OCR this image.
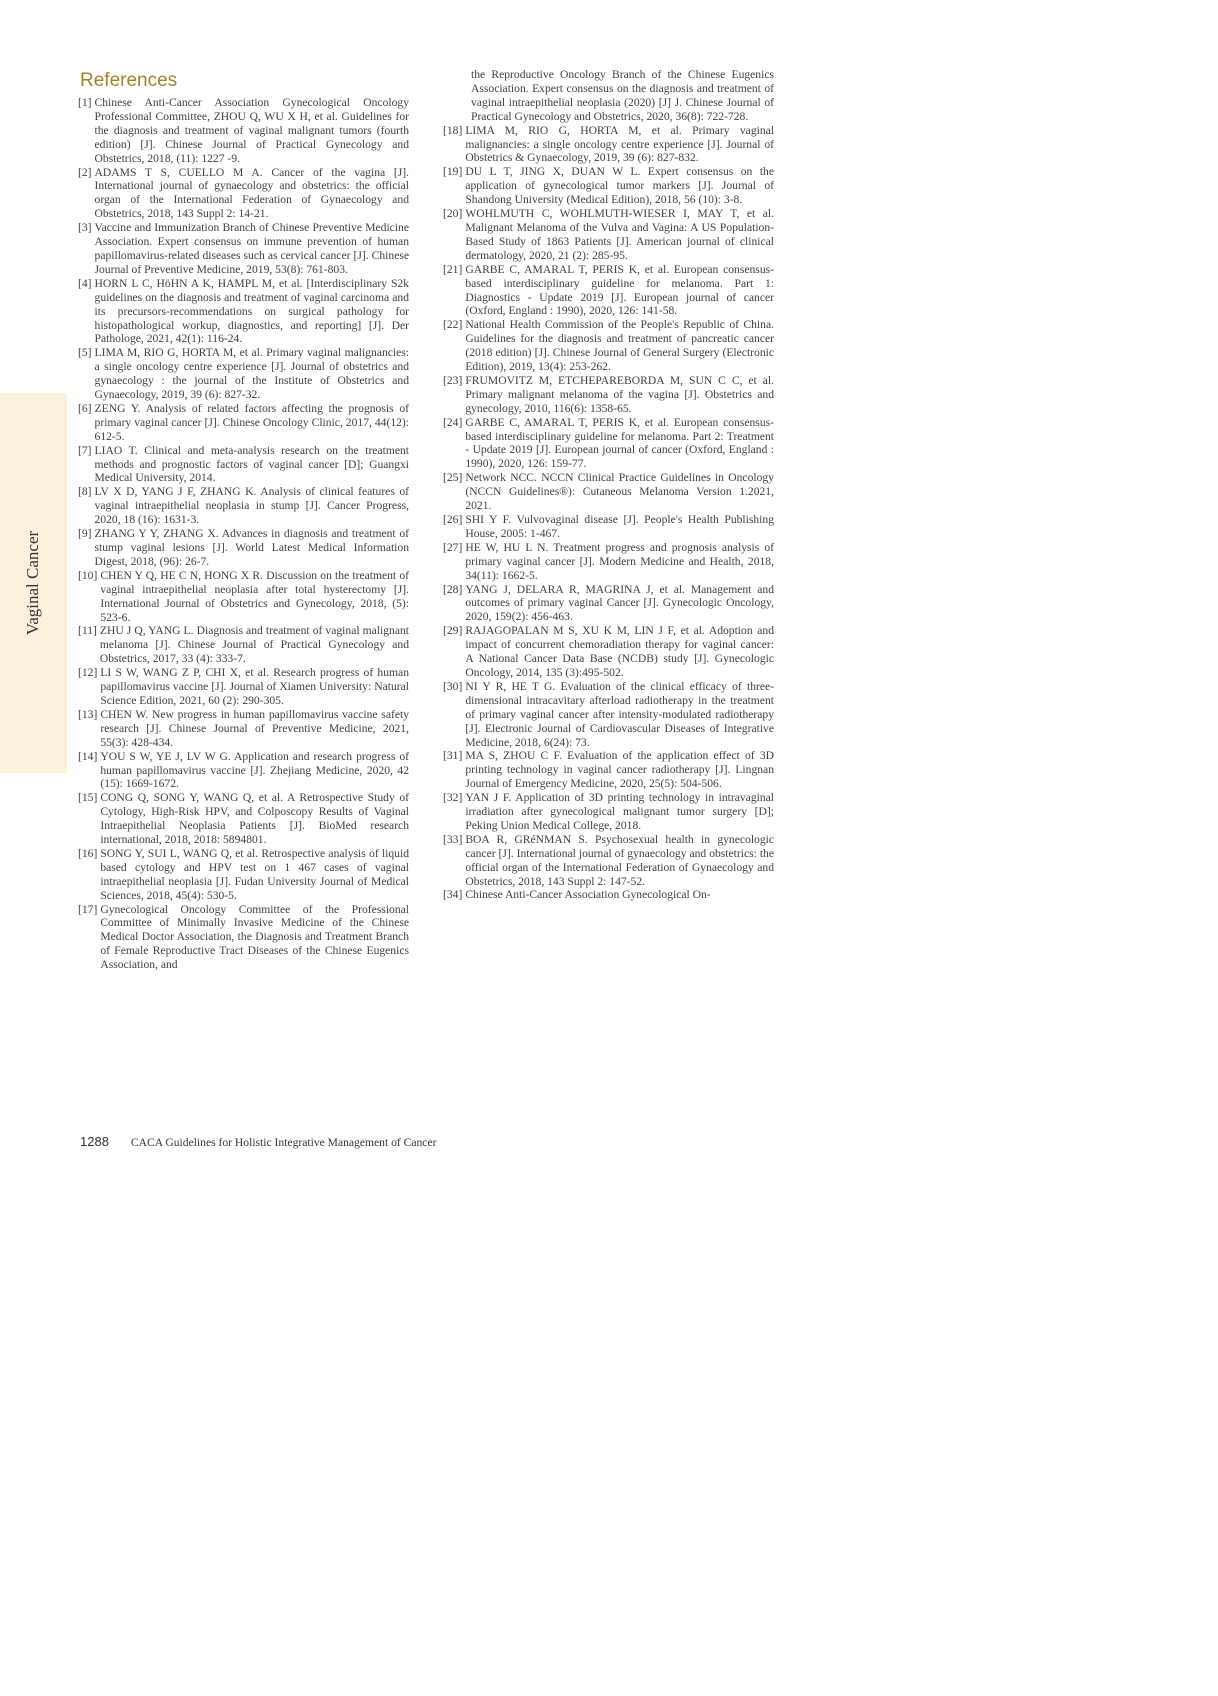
Vaginal Cancer
References
[1] Chinese Anti-Cancer Association Gynecological Oncology Professional Committee, ZHOU Q, WU X H, et al. Guidelines for the diagnosis and treatment of vaginal malignant tumors (fourth edition) [J]. Chinese Journal of Practical Gynecology and Obstetrics, 2018, (11): 1227 -9.
[2] ADAMS T S, CUELLO M A. Cancer of the vagina [J]. International journal of gynaecology and obstetrics: the official organ of the International Federation of Gynaecology and Obstetrics, 2018, 143 Suppl 2: 14-21.
[3] Vaccine and Immunization Branch of Chinese Preventive Medicine Association. Expert consensus on immune prevention of human papillomavirus-related diseases such as cervical cancer [J]. Chinese Journal of Preventive Medicine, 2019, 53(8): 761-803.
[4] HORN L C, HöHN A K, HAMPL M, et al. [Interdisciplinary S2k guidelines on the diagnosis and treatment of vaginal carcinoma and its precursors-recommendations on surgical pathology for histopathological workup, diagnostics, and reporting] [J]. Der Pathologe, 2021, 42(1): 116-24.
[5] LIMA M, RIO G, HORTA M, et al. Primary vaginal malignancies: a single oncology centre experience [J]. Journal of obstetrics and gynaecology : the journal of the Institute of Obstetrics and Gynaecology, 2019, 39 (6): 827-32.
[6] ZENG Y. Analysis of related factors affecting the prognosis of primary vaginal cancer [J]. Chinese Oncology Clinic, 2017, 44(12): 612-5.
[7] LIAO T. Clinical and meta-analysis research on the treatment methods and prognostic factors of vaginal cancer [D]; Guangxi Medical University, 2014.
[8] LV X D, YANG J F, ZHANG K. Analysis of clinical features of vaginal intraepithelial neoplasia in stump [J]. Cancer Progress, 2020, 18 (16): 1631-3.
[9] ZHANG Y Y, ZHANG X. Advances in diagnosis and treatment of stump vaginal lesions [J]. World Latest Medical Information Digest, 2018, (96): 26-7.
[10] CHEN Y Q, HE C N, HONG X R. Discussion on the treatment of vaginal intraepithelial neoplasia after total hysterectomy [J]. International Journal of Obstetrics and Gynecology, 2018, (5): 523-6.
[11] ZHU J Q, YANG L. Diagnosis and treatment of vaginal malignant melanoma [J]. Chinese Journal of Practical Gynecology and Obstetrics, 2017, 33 (4): 333-7.
[12] LI S W, WANG Z P, CHI X, et al. Research progress of human papillomavirus vaccine [J]. Journal of Xiamen University: Natural Science Edition, 2021, 60 (2): 290-305.
[13] CHEN W. New progress in human papillomavirus vaccine safety research [J]. Chinese Journal of Preventive Medicine, 2021, 55(3): 428-434.
[14] YOU S W, YE J, LV W G. Application and research progress of human papillomavirus vaccine [J]. Zhejiang Medicine, 2020, 42 (15): 1669-1672.
[15] CONG Q, SONG Y, WANG Q, et al. A Retrospective Study of Cytology, High-Risk HPV, and Colposcopy Results of Vaginal Intraepithelial Neoplasia Patients [J]. BioMed research international, 2018, 2018: 5894801.
[16] SONG Y, SUI L, WANG Q, et al. Retrospective analysis of liquid based cytology and HPV test on 1 467 cases of vaginal intraepithelial neoplasia [J]. Fudan University Journal of Medical Sciences, 2018, 45(4): 530-5.
[17] Gynecological Oncology Committee of the Professional Committee of Minimally Invasive Medicine of the Chinese Medical Doctor Association, the Diagnosis and Treatment Branch of Female Reproductive Tract Diseases of the Chinese Eugenics Association, and
the Reproductive Oncology Branch of the Chinese Eugenics Association. Expert consensus on the diagnosis and treatment of vaginal intraepithelial neoplasia (2020) [J] J. Chinese Journal of Practical Gynecology and Obstetrics, 2020, 36(8): 722-728.
[18] LIMA M, RIO G, HORTA M, et al. Primary vaginal malignancies: a single oncology centre experience [J]. Journal of Obstetrics & Gynaecology, 2019, 39 (6): 827-832.
[19] DU L T, JING X, DUAN W L. Expert consensus on the application of gynecological tumor markers [J]. Journal of Shandong University (Medical Edition), 2018, 56 (10): 3-8.
[20] WOHLMUTH C, WOHLMUTH-WIESER I, MAY T, et al. Malignant Melanoma of the Vulva and Vagina: A US Population-Based Study of 1863 Patients [J]. American journal of clinical dermatology, 2020, 21 (2): 285-95.
[21] GARBE C, AMARAL T, PERIS K, et al. European consensus-based interdisciplinary guideline for melanoma. Part 1: Diagnostics - Update 2019 [J]. European journal of cancer (Oxford, England : 1990), 2020, 126: 141-58.
[22] National Health Commission of the People's Republic of China. Guidelines for the diagnosis and treatment of pancreatic cancer (2018 edition) [J]. Chinese Journal of General Surgery (Electronic Edition), 2019, 13(4): 253-262.
[23] FRUMOVITZ M, ETCHEPAREBORDA M, SUN C C, et al. Primary malignant melanoma of the vagina [J]. Obstetrics and gynecology, 2010, 116(6): 1358-65.
[24] GARBE C, AMARAL T, PERIS K, et al. European consensus-based interdisciplinary guideline for melanoma. Part 2: Treatment - Update 2019 [J]. European journal of cancer (Oxford, England : 1990), 2020, 126: 159-77.
[25] Network NCC. NCCN Clinical Practice Guidelines in Oncology (NCCN Guidelines®): Cutaneous Melanoma Version 1.2021, 2021.
[26] SHI Y F. Vulvovaginal disease [J]. People's Health Publishing House, 2005: 1-467.
[27] HE W, HU L N. Treatment progress and prognosis analysis of primary vaginal cancer [J]. Modern Medicine and Health, 2018, 34(11): 1662-5.
[28] YANG J, DELARA R, MAGRINA J, et al. Management and outcomes of primary vaginal Cancer [J]. Gynecologic Oncology, 2020, 159(2): 456-463.
[29] RAJAGOPALAN M S, XU K M, LIN J F, et al. Adoption and impact of concurrent chemoradiation therapy for vaginal cancer: A National Cancer Data Base (NCDB) study [J]. Gynecologic Oncology, 2014, 135 (3):495-502.
[30] NI Y R, HE T G. Evaluation of the clinical efficacy of three-dimensional intracavitary afterload radiotherapy in the treatment of primary vaginal cancer after intensity-modulated radiotherapy [J]. Electronic Journal of Cardiovascular Diseases of Integrative Medicine, 2018, 6(24): 73.
[31] MA S, ZHOU C F. Evaluation of the application effect of 3D printing technology in vaginal cancer radiotherapy [J]. Lingnan Journal of Emergency Medicine, 2020, 25(5): 504-506.
[32] YAN J F. Application of 3D printing technology in intravaginal irradiation after gynecological malignant tumor surgery [D]; Peking Union Medical College, 2018.
[33] BOA R, GRéNMAN S. Psychosexual health in gynecologic cancer [J]. International journal of gynaecology and obstetrics: the official organ of the International Federation of Gynaecology and Obstetrics, 2018, 143 Suppl 2: 147-52.
[34] Chinese Anti-Cancer Association Gynecological On-
1288 CACA Guidelines for Holistic Integrative Management of Cancer
